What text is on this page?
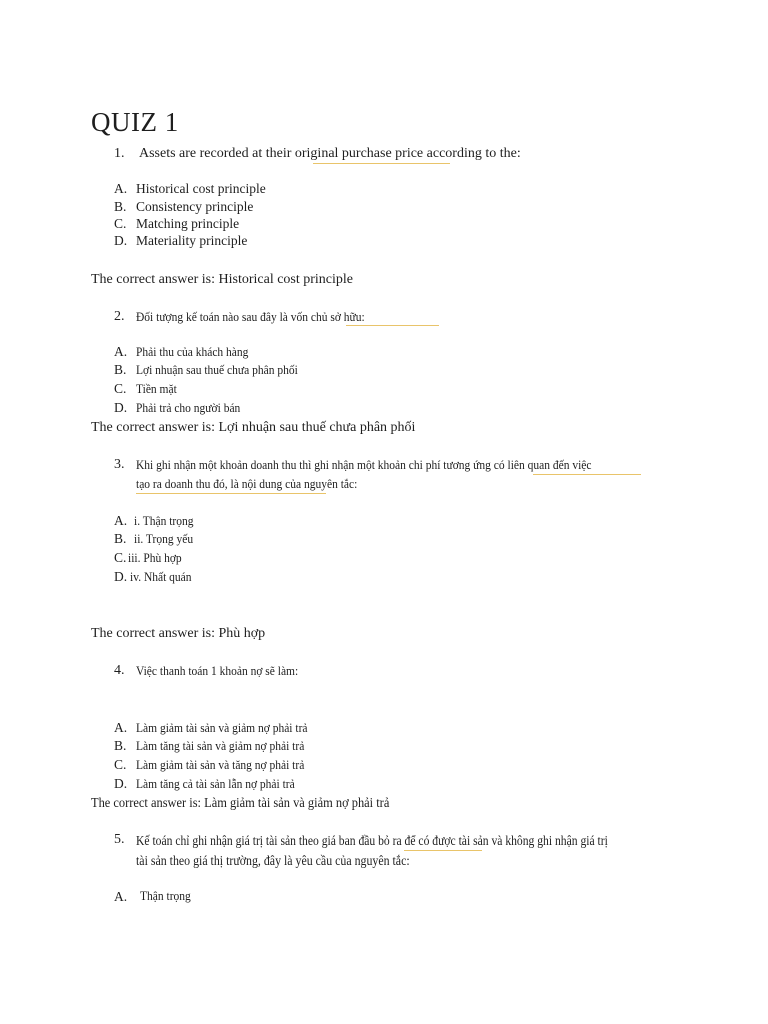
QUIZ 1
1. Assets are recorded at their original purchase price according to the:
A. Historical cost principle
B. Consistency principle
C. Matching principle
D. Materiality principle
The correct answer is: Historical cost principle
2. Đối tượng kế toán nào sau đây là vốn chủ sở hữu:
A. Phải thu của khách hàng
B. Lợi nhuận sau thuế chưa phân phối
C. Tiền mặt
D. Phải trả cho người bán
The correct answer is: Lợi nhuận sau thuế chưa phân phối
3. Khi ghi nhận một khoản doanh thu thì ghi nhận một khoản chi phí tương ứng có liên quan đến việc
tạo ra doanh thu đó, là nội dung của nguyên tắc:
A. i. Thận trọng
B. ii. Trọng yếu
C. iii. Phù hợp
D. iv. Nhất quán
The correct answer is: Phù hợp
4. Việc thanh toán 1 khoản nợ sẽ làm:
A. Làm giảm tài sản và giảm nợ phải trả
B. Làm tăng tài sản và giảm nợ phải trả
C. Làm giảm tài sản và tăng nợ phải trả
D. Làm tăng cả tài sản lẫn nợ phải trả
The correct answer is: Làm giảm tài sản và giảm nợ phải trả
5. Kế toán chỉ ghi nhận giá trị tài sản theo giá ban đầu bỏ ra để có được tài sản và không ghi nhận giá trị
tài sản theo giá thị trường, đây là yêu cầu của nguyên tắc:
A. Thận trọng
